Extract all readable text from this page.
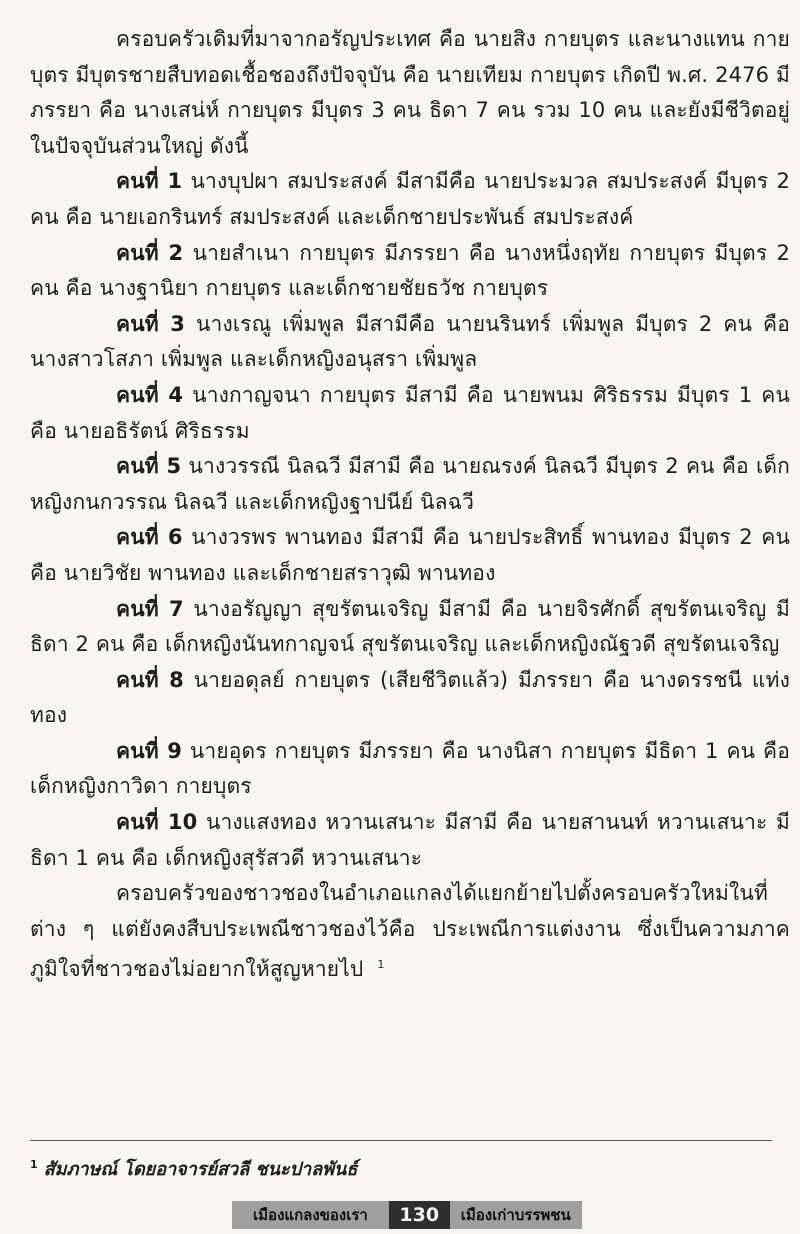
ครอบครัวเดิมที่มาจากอรัญประเทศ คือ นายสิง กายบุตร และนางแทน กายบุตร มีบุตรชายสืบทอดเชื้อชองถึงปัจจุบัน คือ นายเทียม กายบุตร เกิดปี พ.ศ. 2476 มีภรรยา คือ นางเสน่ห์ กายบุตร มีบุตร 3 คน ธิดา 7 คน รวม 10 คน และยังมีชีวิตอยู่ในปัจจุบันส่วนใหญ่ ดังนี้

คนที่ 1 นางบุปผา สมประสงค์ มีสามีคือ นายประมวล สมประสงค์ มีบุตร 2 คน คือ นายเอกรินทร์ สมประสงค์ และเด็กชายประพันธ์ สมประสงค์

คนที่ 2 นายสำเนา กายบุตร มีภรรยา คือ นางหนึ่งฤทัย กายบุตร มีบุตร 2 คน คือ นางฐานิยา กายบุตร และเด็กชายชัยธวัช กายบุตร

คนที่ 3 นางเรณู เพิ่มพูล มีสามีคือ นายนรินทร์ เพิ่มพูล มีบุตร 2 คน คือ นางสาวโสภา เพิ่มพูล และเด็กหญิงอนุสรา เพิ่มพูล

คนที่ 4 นางกาญจนา กายบุตร มีสามี คือ นายพนม ศิริธรรม มีบุตร 1 คน คือ นายอธิรัตน์ ศิริธรรม

คนที่ 5 นางวรรณี นิลฉวี มีสามี คือ นายณรงค์ นิลฉวี มีบุตร 2 คน คือ เด็กหญิงกนกวรรณ นิลฉวี และเด็กหญิงฐาปนีย์ นิลฉวี

คนที่ 6 นางวรพร พานทอง มีสามี คือ นายประสิทธิ์ พานทอง มีบุตร 2 คน คือ นายวิชัย พานทอง และเด็กชายสราวุฒิ พานทอง

คนที่ 7 นางอรัญญา สุขรัตนเจริญ มีสามี คือ นายจิรศักดิ์ สุขรัตนเจริญ มีธิดา 2 คน คือ เด็กหญิงนันทกาญจน์ สุขรัตนเจริญ และเด็กหญิงณัฐวดี สุขรัตนเจริญ

คนที่ 8 นายอดุลย์ กายบุตร (เสียชีวิตแล้ว) มีภรรยา คือ นางดรรชนี แท่งทอง

คนที่ 9 นายอุดร กายบุตร มีภรรยา คือ นางนิสา กายบุตร มีธิดา 1 คน คือ เด็กหญิงกาวิดา กายบุตร

คนที่ 10 นางแสงทอง หวานเสนาะ มีสามี คือ นายสานนท์ หวานเสนาะ มีธิดา 1 คน คือ เด็กหญิงสุรัสวดี หวานเสนาะ

ครอบครัวของชาวชองในอำเภอแกลงได้แยกย้ายไปตั้งครอบครัวใหม่ในที่ต่าง ๆ แต่ยังคงสืบประเพณีชาวชองไว้คือ ประเพณีการแต่งงาน ซึ่งเป็นความภาคภูมิใจที่ชาวชองไม่อยากให้สูญหายไป $^1$

$^1$ สัมภาษณ์ โดยอาจารย์สวลี ชนะปาลพันธ์
เมืองแกลงของเรา	130	เมืองเก่าบรรพชน
